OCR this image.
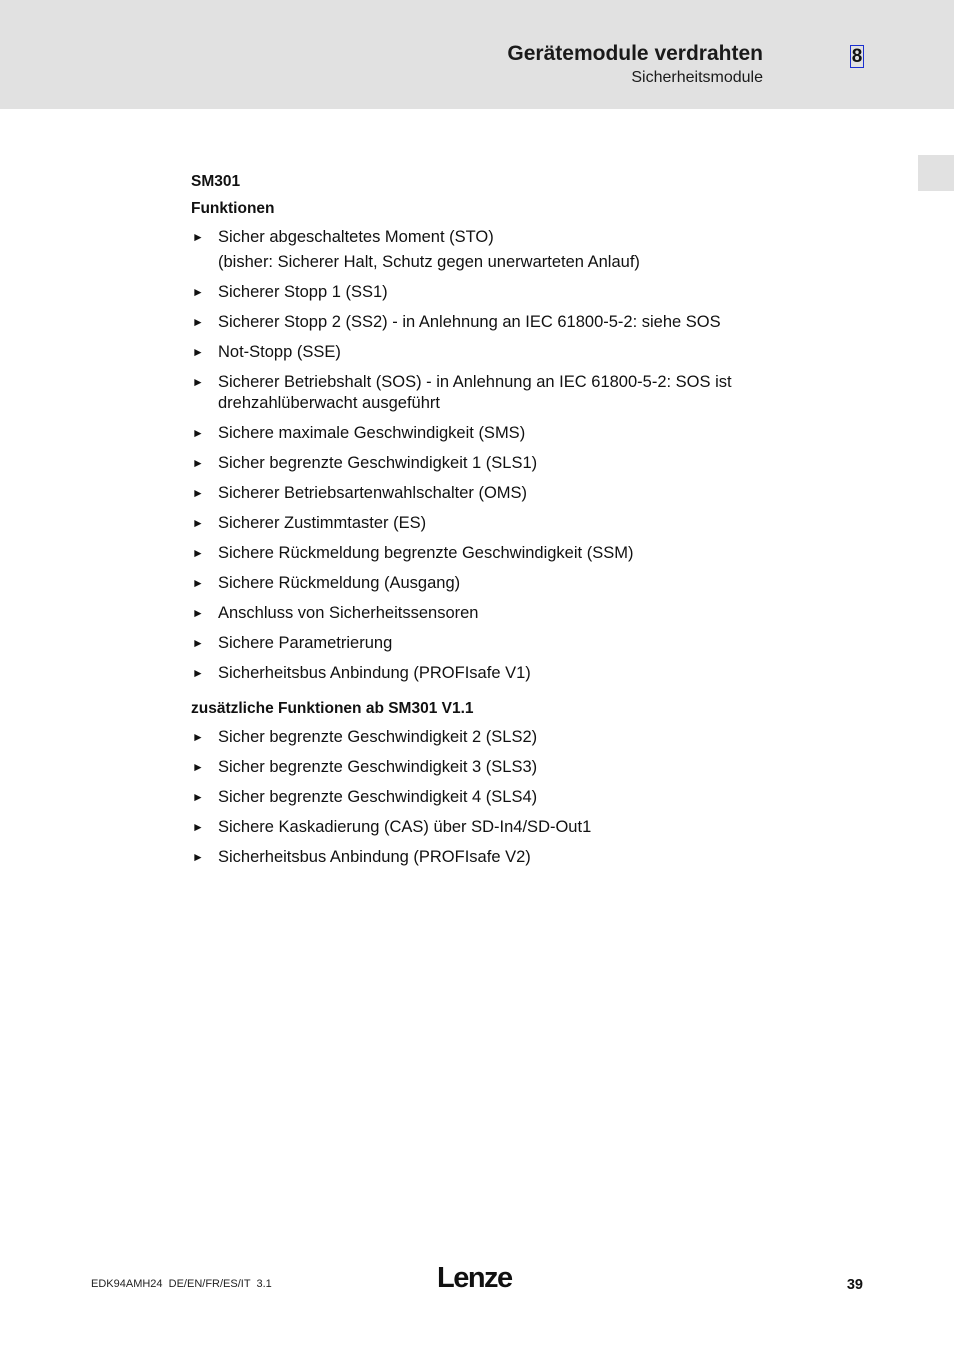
Gerätemodule verdrahten
Sicherheitsmodule
8

SM301

Funktionen

► Sicher abgeschaltetes Moment (STO)
(bisher: Sicherer Halt, Schutz gegen unerwarteten Anlauf)
► Sicherer Stopp 1 (SS1)
► Sicherer Stopp 2 (SS2) - in Anlehnung an IEC 61800-5-2: siehe SOS
► Not-Stopp (SSE)
► Sicherer Betriebshalt (SOS) - in Anlehnung an IEC 61800-5-2: SOS ist drehzahlüberwacht ausgeführt
► Sichere maximale Geschwindigkeit (SMS)
► Sicher begrenzte Geschwindigkeit 1 (SLS1)
► Sicherer Betriebsartenwahlschalter (OMS)
► Sicherer Zustimmtaster (ES)
► Sichere Rückmeldung begrenzte Geschwindigkeit (SSM)
► Sichere Rückmeldung (Ausgang)
► Anschluss von Sicherheitssensoren
► Sichere Parametrierung
► Sicherheitsbus Anbindung (PROFIsafe V1)

zusätzliche Funktionen ab SM301 V1.1

► Sicher begrenzte Geschwindigkeit 2 (SLS2)
► Sicher begrenzte Geschwindigkeit 3 (SLS3)
► Sicher begrenzte Geschwindigkeit 4 (SLS4)
► Sichere Kaskadierung (CAS) über SD-In4/SD-Out1
► Sicherheitsbus Anbindung (PROFIsafe V2)
EDK94AMH24  DE/EN/FR/ES/IT  3.1	Lenze	39
